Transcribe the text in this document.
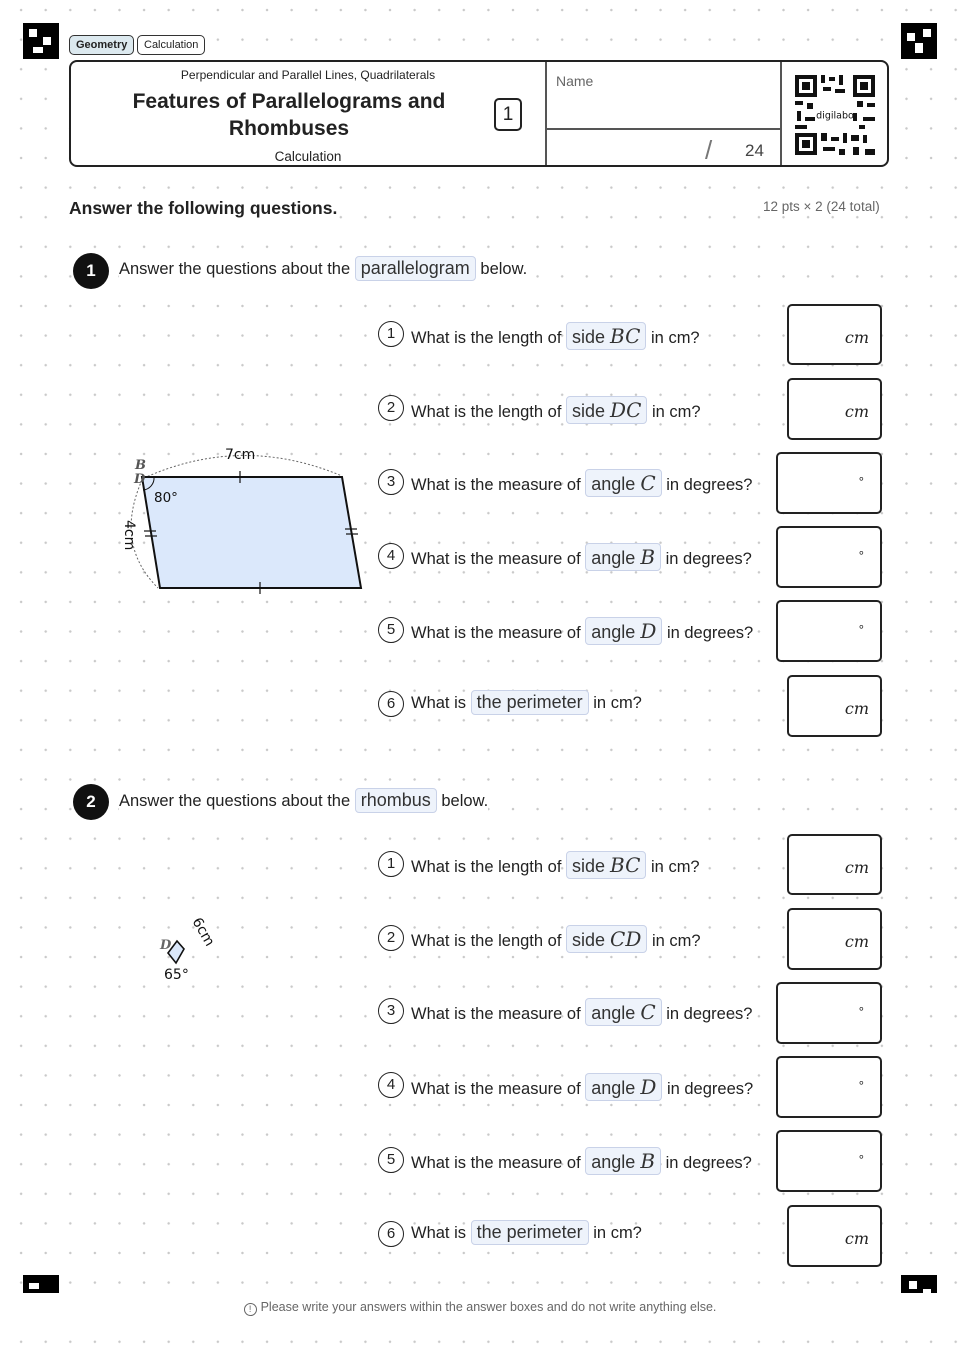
Geometry	Calculation
Perpendicular and Parallel Lines, Quadrilaterals
Features of Parallelograms and Rhombuses
Calculation
1
Name
/ 24
digilabo
Answer the following questions.	12 pts × 2 (24 total)
1	Answer the questions about the parallelogram below.
B
D
7cm
80°
4cm
1 What is the length of side BC in cm?	cm
2 What is the length of side DC in cm?	cm
3 What is the measure of angle C in degrees?	°
4 What is the measure of angle B in degrees?	°
5 What is the measure of angle D in degrees?	°
6 What is the perimeter in cm?	cm
2	Answer the questions about the rhombus below.
D 6cm
65°
1 What is the length of side BC in cm?	cm
2 What is the length of side CD in cm?	cm
3 What is the measure of angle C in degrees?	°
4 What is the measure of angle D in degrees?	°
5 What is the measure of angle B in degrees?	°
6 What is the perimeter in cm?	cm
! Please write your answers within the answer boxes and do not write anything else.
